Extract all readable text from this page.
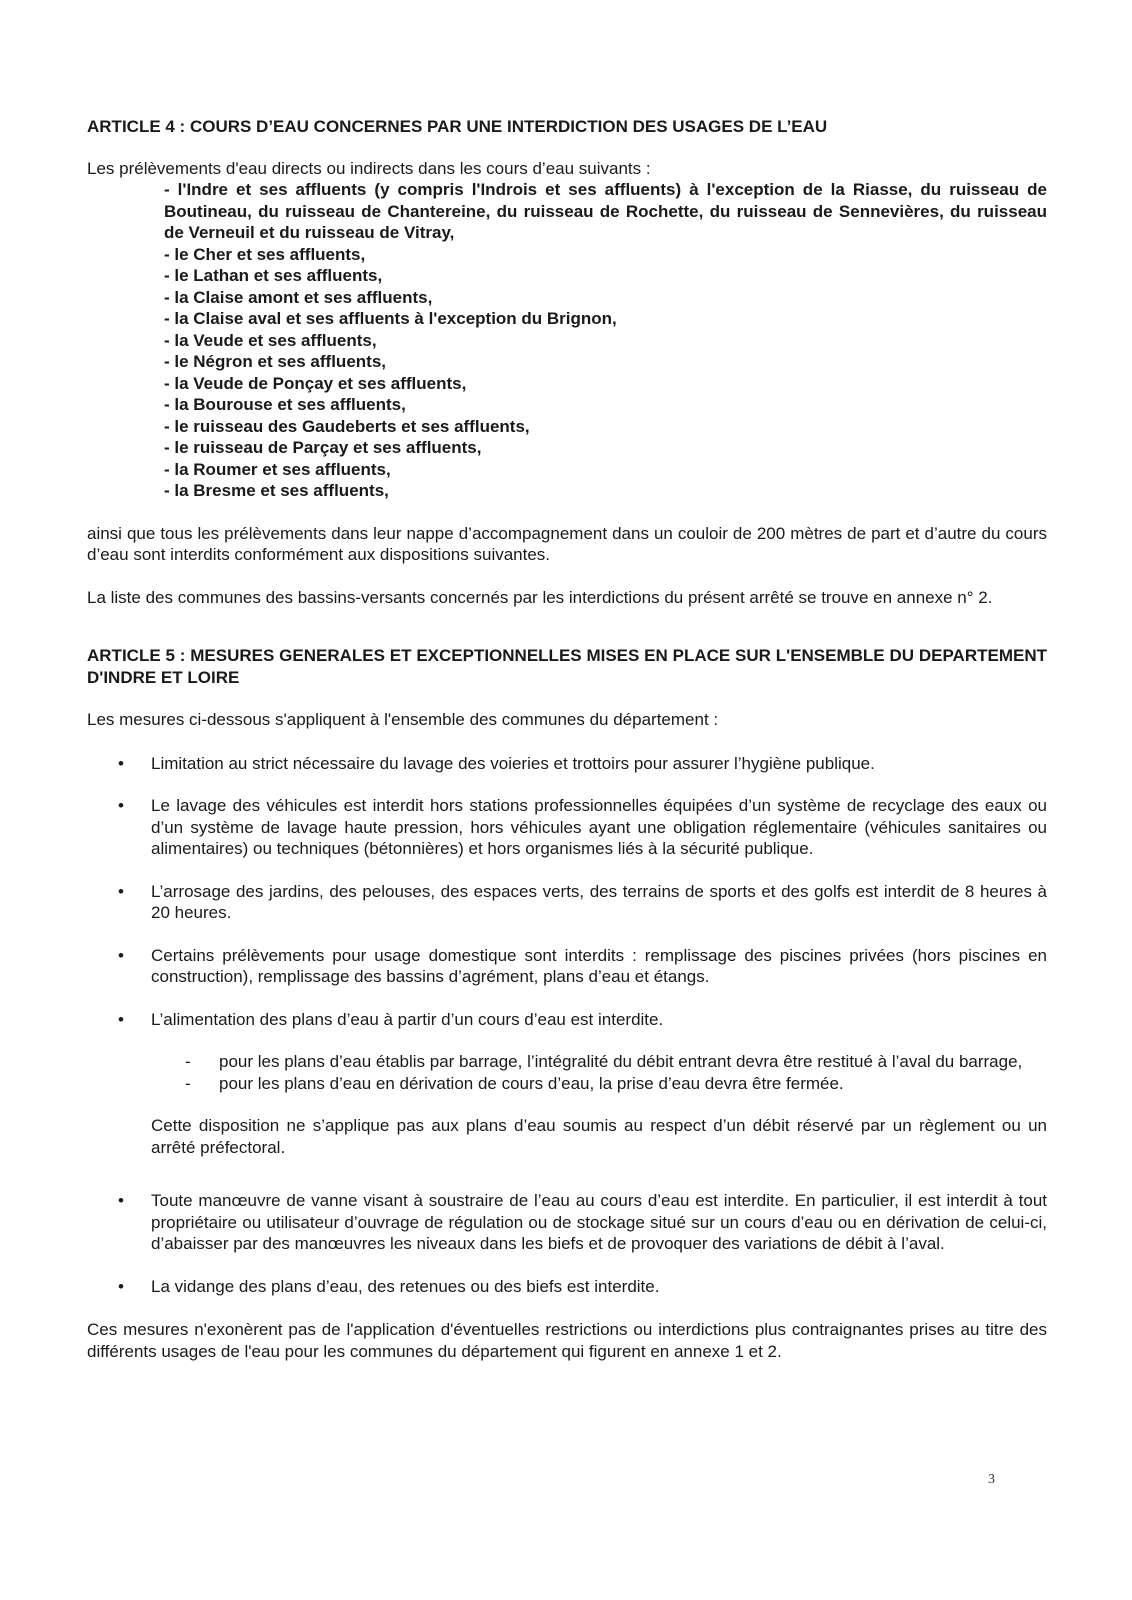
ARTICLE 4 : COURS D’EAU CONCERNES PAR UNE INTERDICTION DES USAGES DE L’EAU

Les prélèvements d'eau directs ou indirects dans les cours d’eau suivants :

- l'Indre et ses affluents (y compris l'Indrois et ses affluents) à l'exception de la Riasse, du ruisseau de Boutineau, du ruisseau de Chantereine, du ruisseau de Rochette, du ruisseau de Sennevières, du ruisseau de Verneuil et du ruisseau de Vitray,
- le Cher et ses affluents,
- le Lathan et ses affluents,
- la Claise amont et ses affluents,
- la Claise aval et ses affluents à l'exception du Brignon,
- la Veude et ses affluents,
- le Négron et ses affluents,
- la Veude de Ponçay et ses affluents,
- la Bourouse et ses affluents,
- le ruisseau des Gaudeberts et ses affluents,
- le ruisseau de Parçay et ses affluents,
- la Roumer et ses affluents,
- la Bresme et ses affluents,

ainsi que tous les prélèvements dans leur nappe d’accompagnement dans un couloir de 200 mètres de part et d’autre du cours d’eau sont interdits conformément aux dispositions suivantes.

La liste des communes des bassins-versants concernés par les interdictions du présent arrêté se trouve en annexe n° 2.

ARTICLE 5 : MESURES GENERALES ET EXCEPTIONNELLES MISES EN PLACE SUR L'ENSEMBLE DU DEPARTEMENT D'INDRE ET LOIRE

Les mesures ci-dessous s'appliquent à l'ensemble des communes du département :

• Limitation au strict nécessaire du lavage des voieries et trottoirs pour assurer l’hygiène publique.
• Le lavage des véhicules est interdit hors stations professionnelles équipées d’un système de recyclage des eaux ou d’un système de lavage haute pression, hors véhicules ayant une obligation réglementaire (véhicules sanitaires ou alimentaires) ou techniques (bétonnières) et hors organismes liés à la sécurité publique.
• L’arrosage des jardins, des pelouses, des espaces verts, des terrains de sports et des golfs est interdit de 8 heures à 20 heures.
• Certains prélèvements pour usage domestique sont interdits : remplissage des piscines privées (hors piscines en construction), remplissage des bassins d’agrément, plans d’eau et étangs.
• L’alimentation des plans d’eau à partir d’un cours d’eau est interdite.
- pour les plans d’eau établis par barrage, l’intégralité du débit entrant devra être restitué à l’aval du barrage,
- pour les plans d’eau en dérivation de cours d’eau, la prise d’eau devra être fermée.

Cette disposition ne s’applique pas aux plans d’eau soumis au respect d’un débit réservé par un règlement ou un arrêté préfectoral.

• Toute manœuvre de vanne visant à soustraire de l’eau au cours d’eau est interdite. En particulier, il est interdit à tout propriétaire ou utilisateur d’ouvrage de régulation ou de stockage situé sur un cours d’eau ou en dérivation de celui-ci, d’abaisser par des manœuvres les niveaux dans les biefs et de provoquer des variations de débit à l’aval.
• La vidange des plans d’eau, des retenues ou des biefs est interdite.

Ces mesures n'exonèrent pas de l'application d'éventuelles restrictions ou interdictions plus contraignantes prises au titre des différents usages de l'eau pour les communes du département qui figurent en annexe 1 et 2.

3
